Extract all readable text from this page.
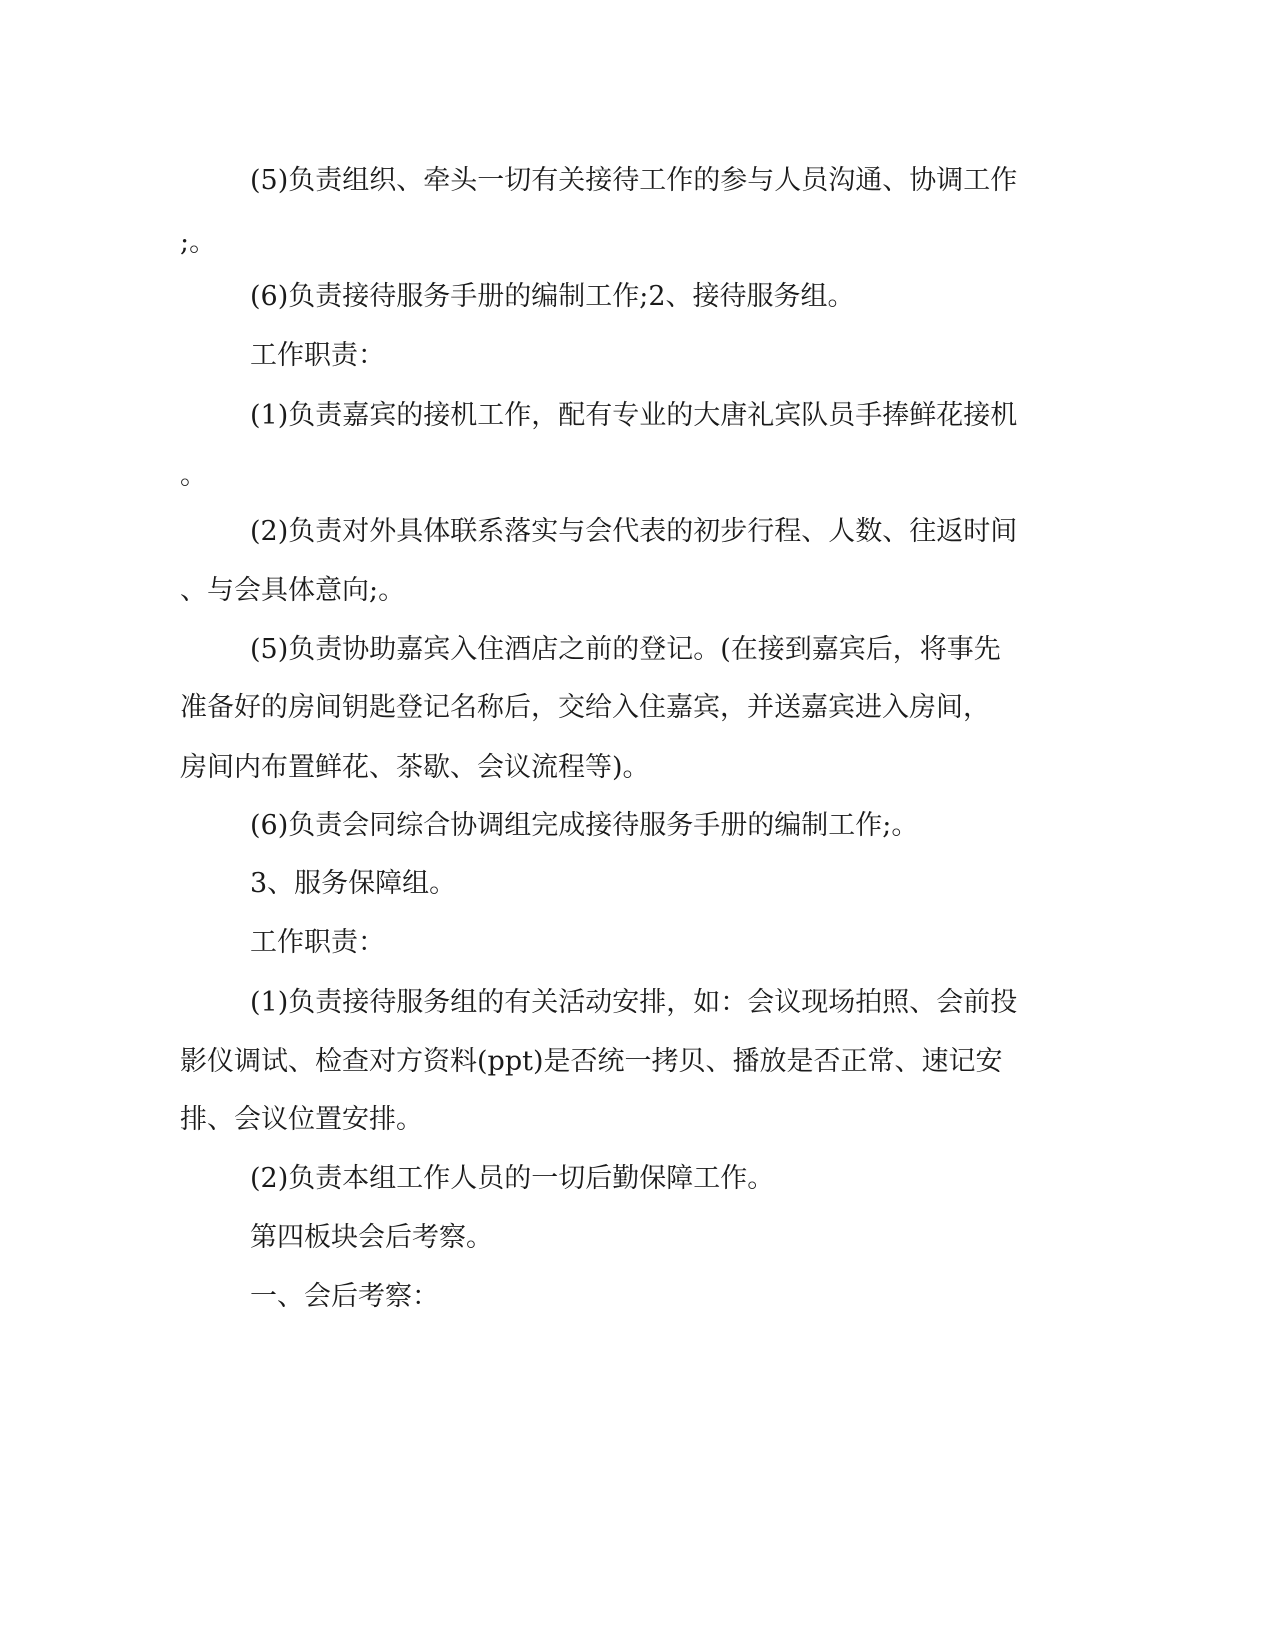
(5)负责组织、牵头一切有关接待工作的参与人员沟通、协调工作
;。
(6)负责接待服务手册的编制工作;2、接待服务组。
工作职责：
(1)负责嘉宾的接机工作，配有专业的大唐礼宾队员手捧鲜花接机
。
(2)负责对外具体联系落实与会代表的初步行程、人数、往返时间
、与会具体意向;。
(5)负责协助嘉宾入住酒店之前的登记。(在接到嘉宾后，将事先
准备好的房间钥匙登记名称后，交给入住嘉宾，并送嘉宾进入房间，
房间内布置鲜花、茶歇、会议流程等)。
(6)负责会同综合协调组完成接待服务手册的编制工作;。
3、服务保障组。
工作职责：
(1)负责接待服务组的有关活动安排，如：会议现场拍照、会前投
影仪调试、检查对方资料(ppt)是否统一拷贝、播放是否正常、速记安
排、会议位置安排。
(2)负责本组工作人员的一切后勤保障工作。
第四板块会后考察。
一、会后考察：
